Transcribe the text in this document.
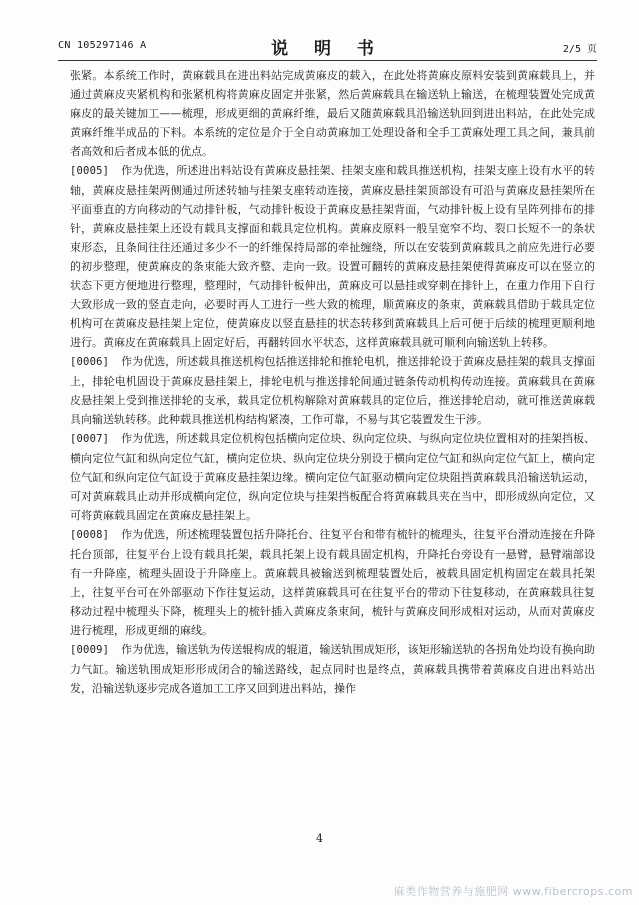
CN 105297146 A	说 明 书	2/5 页

张紧。本系统工作时，黄麻载具在进出料站完成黄麻皮的载入，在此处将黄麻皮原料安装到黄麻载具上，并通过黄麻皮夹紧机构和张紧机构将黄麻皮固定并张紧，然后黄麻载具在输送轨上输送，在梳理装置处完成黄麻皮的最关键加工——梳理，形成更细的黄麻纤维，最后又随黄麻载具沿输送轨回到进出料站，在此处完成黄麻纤维半成品的下料。本系统的定位是介于全自动黄麻加工处理设备和全手工黄麻处理工具之间，兼具前者高效和后者成本低的优点。

[0005] 作为优选，所述进出料站设有黄麻皮悬挂架、挂架支座和载具推送机构，挂架支座上设有水平的转轴，黄麻皮悬挂架两侧通过所述转轴与挂架支座转动连接，黄麻皮悬挂架顶部设有可沿与黄麻皮悬挂架所在平面垂直的方向移动的气动排针板，气动排针板设于黄麻皮悬挂架背面，气动排针板上设有呈阵列排布的排针，黄麻皮悬挂架上还设有载具支撑面和载具定位机构。黄麻皮原料一般呈宽窄不均、裂口长短不一的条状束形态，且条间往往还通过多少不一的纤维保持局部的牵扯缠绕，所以在安装到黄麻载具之前应先进行必要的初步整理，使黄麻皮的条束能大致齐整、走向一致。设置可翻转的黄麻皮悬挂架使得黄麻皮可以在竖立的状态下更方便地进行整理，整理时，气动排针板伸出，黄麻皮可以悬挂或穿刺在排针上，在重力作用下自行大致形成一致的竖直走向，必要时再人工进行一些大致的梳理，顺黄麻皮的条束，黄麻载具借助于载具定位机构可在黄麻皮悬挂架上定位，使黄麻皮以竖直悬挂的状态转移到黄麻载具上后可便于后续的梳理更顺利地进行。黄麻皮在黄麻载具上固定好后，再翻转回水平状态，这样黄麻载具就可顺利向输送轨上转移。

[0006] 作为优选，所述载具推送机构包括推送排轮和推轮电机，推送排轮设于黄麻皮悬挂架的载具支撑面上，排轮电机固设于黄麻皮悬挂架上，排轮电机与推送排轮间通过链条传动机构传动连接。黄麻载具在黄麻皮悬挂架上受到推送排轮的支承，载具定位机构解除对黄麻载具的定位后，推送排轮启动，就可推送黄麻载具向输送轨转移。此种载具推送机构结构紧凑，工作可靠，不易与其它装置发生干涉。

[0007] 作为优选，所述载具定位机构包括横向定位块、纵向定位块、与纵向定位块位置相对的挂架挡板、横向定位气缸和纵向定位气缸，横向定位块、纵向定位块分别设于横向定位气缸和纵向定位气缸上，横向定位气缸和纵向定位气缸设于黄麻皮悬挂架边缘。横向定位气缸驱动横向定位块阻挡黄麻载具沿输送轨运动，可对黄麻载具止动并形成横向定位，纵向定位块与挂架挡板配合将黄麻载具夹在当中，即形成纵向定位，又可将黄麻载具固定在黄麻皮悬挂架上。

[0008] 作为优选，所述梳理装置包括升降托台、往复平台和带有梳针的梳理头，往复平台滑动连接在升降托台顶部，往复平台上设有载具托架，载具托架上设有载具固定机构，升降托台旁设有一悬臂，悬臂端部设有一升降座，梳理头固设于升降座上。黄麻载具被输送到梳理装置处后，被载具固定机构固定在载具托架上，往复平台可在外部驱动下作往复运动，这样黄麻载具可在往复平台的带动下往复移动，在黄麻载具往复移动过程中梳理头下降，梳理头上的梳针插入黄麻皮条束间，梳针与黄麻皮间形成相对运动，从而对黄麻皮进行梳理，形成更细的麻线。

[0009] 作为优选，输送轨为传送辊构成的辊道，输送轨围成矩形，该矩形输送轨的各拐角处均设有换向助力气缸。输送轨围成矩形形成闭合的输送路线，起点同时也是终点，黄麻载具携带着黄麻皮自进出料站出发，沿输送轨逐步完成各道加工工序又回到进出料站，操作

4
麻类作物营养与施肥网 www.fibercrops.com
